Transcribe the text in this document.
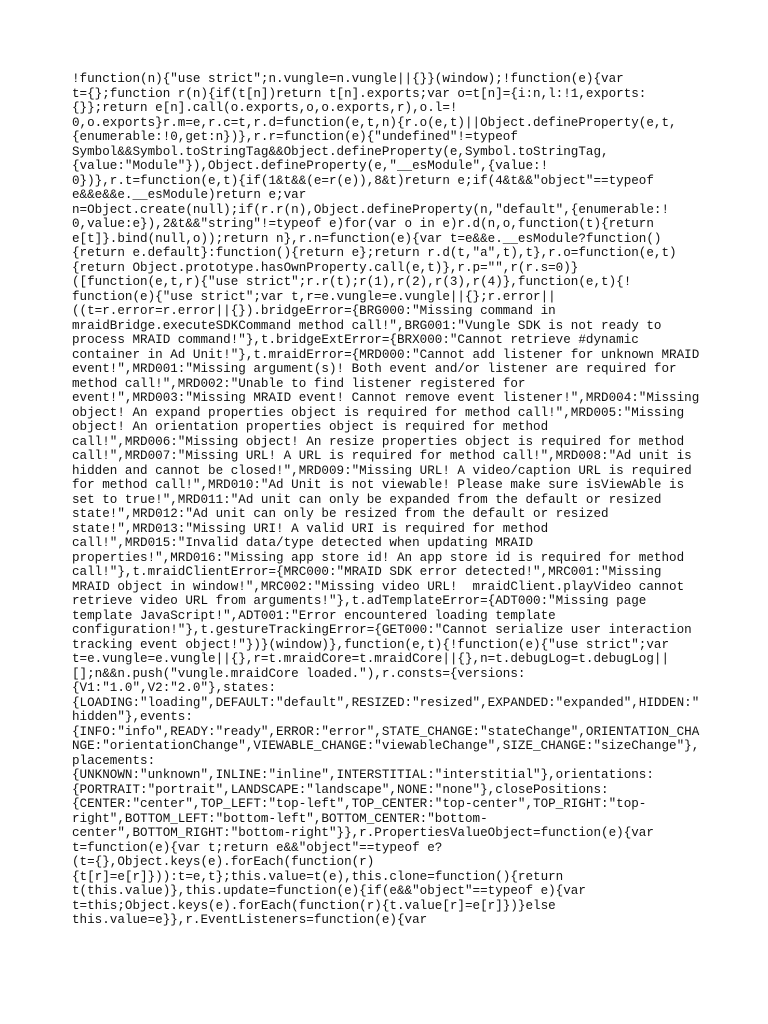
!function(n){"use strict";n.vungle=n.vungle||{}}(window);!function(e){var
t={};function r(n){if(t[n])return t[n].exports;var o=t[n]={i:n,l:!1,exports:
{}};return e[n].call(o.exports,o,o.exports,r),o.l=!
0,o.exports}r.m=e,r.c=t,r.d=function(e,t,n){r.o(e,t)||Object.defineProperty(e,t,
{enumerable:!0,get:n})},r.r=function(e){"undefined"!=typeof
Symbol&&Symbol.toStringTag&&Object.defineProperty(e,Symbol.toStringTag,
{value:"Module"}),Object.defineProperty(e,"__esModule",{value:!
0})},r.t=function(e,t){if(1&t&&(e=r(e)),8&t)return e;if(4&t&&"object"==typeof
e&&e&&e.__esModule)return e;var
n=Object.create(null);if(r.r(n),Object.defineProperty(n,"default",{enumerable:!
0,value:e}),2&t&&"string"!=typeof e)for(var o in e)r.d(n,o,function(t){return
e[t]}.bind(null,o));return n},r.n=function(e){var t=e&&e.__esModule?function()
{return e.default}:function(){return e};return r.d(t,"a",t),t},r.o=function(e,t)
{return Object.prototype.hasOwnProperty.call(e,t)},r.p="",r(r.s=0)}
([function(e,t,r){"use strict";r.r(t);r(1),r(2),r(3),r(4)},function(e,t){!
function(e){"use strict";var t,r=e.vungle=e.vungle||{};r.error||
((t=r.error=r.error||{}).bridgeError={BRG000:"Missing command in
mraidBridge.executeSDKCommand method call!",BRG001:"Vungle SDK is not ready to
process MRAID command!"},t.bridgeExtError={BRX000:"Cannot retrieve #dynamic
container in Ad Unit!"},t.mraidError={MRD000:"Cannot add listener for unknown MRAID
event!",MRD001:"Missing argument(s)! Both event and/or listener are required for
method call!",MRD002:"Unable to find listener registered for
event!",MRD003:"Missing MRAID event! Cannot remove event listener!",MRD004:"Missing
object! An expand properties object is required for method call!",MRD005:"Missing
object! An orientation properties object is required for method
call!",MRD006:"Missing object! An resize properties object is required for method
call!",MRD007:"Missing URL! A URL is required for method call!",MRD008:"Ad unit is
hidden and cannot be closed!",MRD009:"Missing URL! A video/caption URL is required
for method call!",MRD010:"Ad Unit is not viewable! Please make sure isViewAble is
set to true!",MRD011:"Ad unit can only be expanded from the default or resized
state!",MRD012:"Ad unit can only be resized from the default or resized
state!",MRD013:"Missing URI! A valid URI is required for method
call!",MRD015:"Invalid data/type detected when updating MRAID
properties!",MRD016:"Missing app store id! An app store id is required for method
call!"},t.mraidClientError={MRC000:"MRAID SDK error detected!",MRC001:"Missing
MRAID object in window!",MRC002:"Missing video URL!  mraidClient.playVideo cannot
retrieve video URL from arguments!"},t.adTemplateError={ADT000:"Missing page
template JavaScript!",ADT001:"Error encountered loading template
configuration!"},t.gestureTrackingError={GET000:"Cannot serialize user interaction
tracking event object!"})}(window)},function(e,t){!function(e){"use strict";var
t=e.vungle=e.vungle||{},r=t.mraidCore=t.mraidCore||{},n=t.debugLog=t.debugLog||
[];n&&n.push("vungle.mraidCore loaded."),r.consts={versions:
{V1:"1.0",V2:"2.0"},states:
{LOADING:"loading",DEFAULT:"default",RESIZED:"resized",EXPANDED:"expanded",HIDDEN:"
hidden"},events:
{INFO:"info",READY:"ready",ERROR:"error",STATE_CHANGE:"stateChange",ORIENTATION_CHA
NGE:"orientationChange",VIEWABLE_CHANGE:"viewableChange",SIZE_CHANGE:"sizeChange"},
placements:
{UNKNOWN:"unknown",INLINE:"inline",INTERSTITIAL:"interstitial"},orientations:
{PORTRAIT:"portrait",LANDSCAPE:"landscape",NONE:"none"},closePositions:
{CENTER:"center",TOP_LEFT:"top-left",TOP_CENTER:"top-center",TOP_RIGHT:"top-
right",BOTTOM_LEFT:"bottom-left",BOTTOM_CENTER:"bottom-
center",BOTTOM_RIGHT:"bottom-right"}},r.PropertiesValueObject=function(e){var
t=function(e){var t;return e&&"object"==typeof e?
(t={},Object.keys(e).forEach(function(r)
{t[r]=e[r]})):t=e,t};this.value=t(e),this.clone=function(){return
t(this.value)},this.update=function(e){if(e&&"object"==typeof e){var
t=this;Object.keys(e).forEach(function(r){t.value[r]=e[r]})}else
this.value=e}},r.EventListeners=function(e){var
